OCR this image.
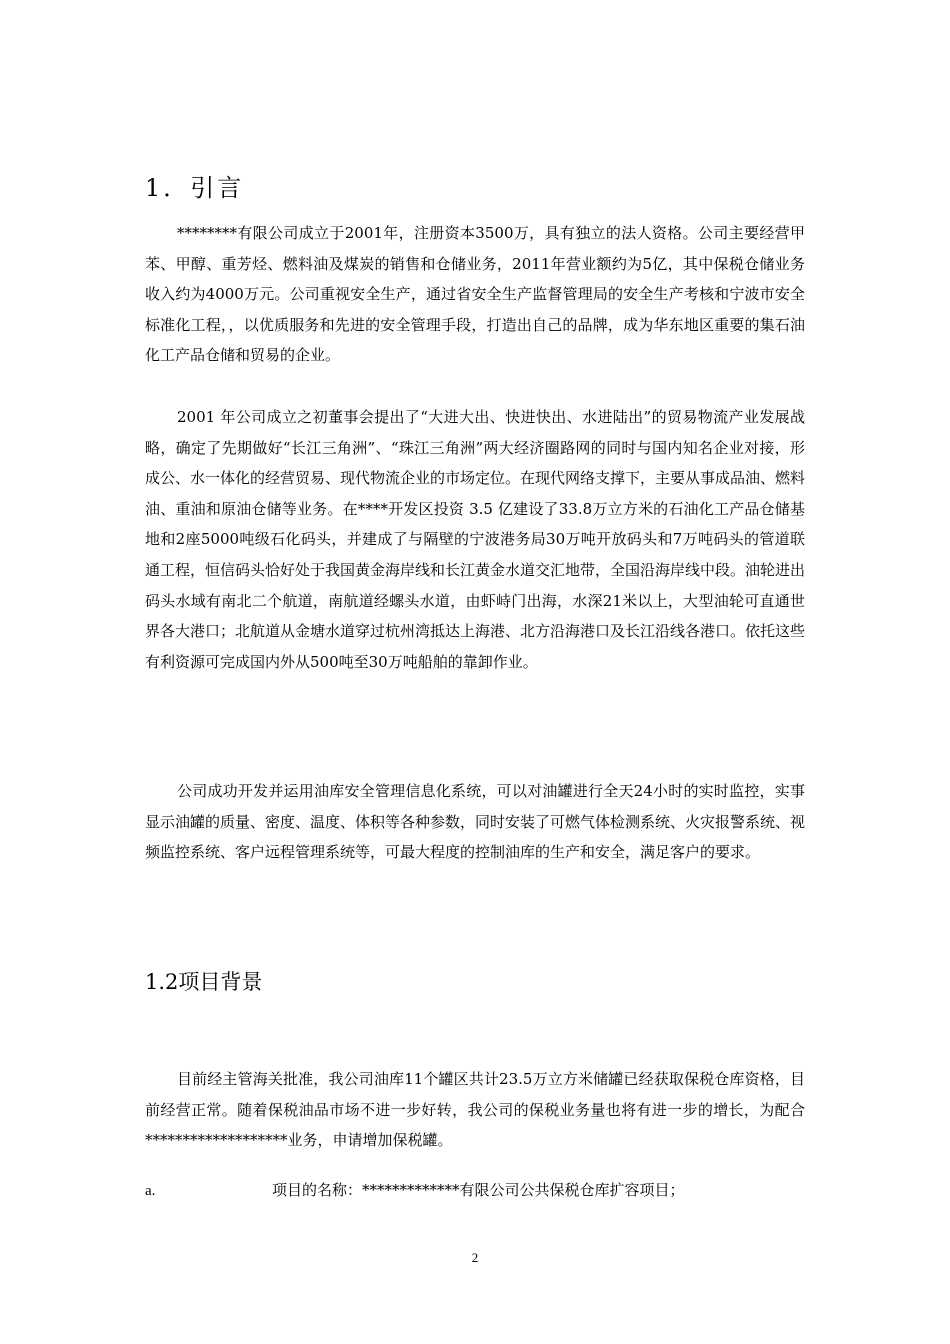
1．引言

********有限公司成立于2001年，注册资本3500万，具有独立的法人资格。公司主要经营甲苯、甲醇、重芳烃、燃料油及煤炭的销售和仓储业务，2011年营业额约为5亿，其中保税仓储业务收入约为4000万元。公司重视安全生产，通过省安全生产监督管理局的安全生产考核和宁波市安全标准化工程，，以优质服务和先进的安全管理手段，打造出自己的品牌，成为华东地区重要的集石油化工产品仓储和贸易的企业。

2001 年公司成立之初董事会提出了“大进大出、快进快出、水进陆出”的贸易物流产业发展战略，确定了先期做好“长江三角洲”、“珠江三角洲”两大经济圈路网的同时与国内知名企业对接，形成公、水一体化的经营贸易、现代物流企业的市场定位。在现代网络支撑下，主要从事成品油、燃料油、重油和原油仓储等业务。在****开发区投资 3.5 亿建设了33.8万立方米的石油化工产品仓储基地和2座5000吨级石化码头，并建成了与隔壁的宁波港务局30万吨开放码头和7万吨码头的管道联通工程，恒信码头恰好处于我国黄金海岸线和长江黄金水道交汇地带，全国沿海岸线中段。油轮进出码头水域有南北二个航道，南航道经螺头水道，由虾峙门出海，水深21米以上，大型油轮可直通世界各大港口；北航道从金塘水道穿过杭州湾抵达上海港、北方沿海港口及长江沿线各港口。依托这些有利资源可完成国内外从500吨至30万吨船舶的靠卸作业。

公司成功开发并运用油库安全管理信息化系统，可以对油罐进行全天24小时的实时监控，实事显示油罐的质量、密度、温度、体积等各种参数，同时安装了可燃气体检测系统、火灾报警系统、视频监控系统、客户远程管理系统等，可最大程度的控制油库的生产和安全，满足客户的要求。

1.2项目背景

目前经主管海关批准，我公司油库11个罐区共计23.5万立方米储罐已经获取保税仓库资格，目前经营正常。随着保税油品市场不进一步好转，我公司的保税业务量也将有进一步的增长，为配合*******************业务，申请增加保税罐。

a.	项目的名称：*************有限公司公共保税仓库扩容项目；
2
